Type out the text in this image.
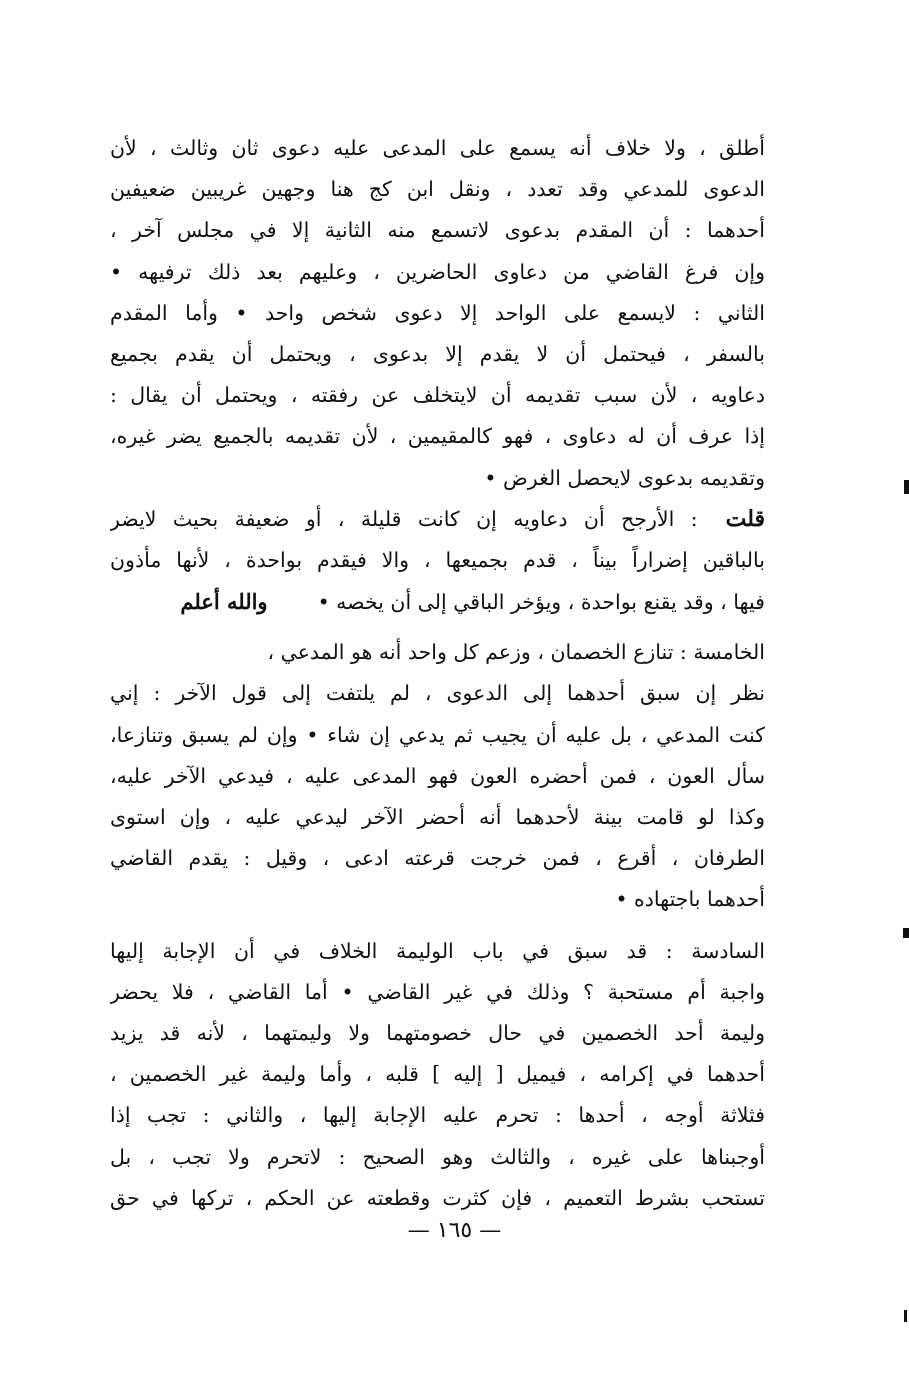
أطلق ، ولا خلاف أنه يسمع على المدعى عليه دعوى ثان وثالث ، لأن
الدعوى للمدعي وقد تعدد ، ونقل ابن كج هنا وجهين غريبين ضعيفين
أحدهما : أن المقدم بدعوى لاتسمع منه الثانية إلا في مجلس آخر ،
وإن فرغ القاضي من دعاوى الحاضرين ، وعليهم بعد ذلك ترفيهه •
الثاني : لايسمع على الواحد إلا دعوى شخص واحد • وأما المقدم
بالسفر ، فيحتمل أن لا يقدم إلا بدعوى ، ويحتمل أن يقدم بجميع
دعاويه ، لأن سبب تقديمه أن لايتخلف عن رفقته ، ويحتمل أن يقال :
إذا عرف أن له دعاوى ، فهو كالمقيمين ، لأن تقديمه بالجميع يضر غيره،
وتقديمه بدعوى لايحصل الغرض •
قلت: الأرجح أن دعاويه إن كانت قليلة ، أو ضعيفة بحيث لايضر
بالباقين إضراراً بيناً ، قدم بجميعها ، والا فيقدم بواحدة ، لأنها مأذون
فيها ، وقد يقنع بواحدة ، ويؤخر الباقي إلى أن يخصه •والله أعلم
الخامسة : تنازع الخصمان ، وزعم كل واحد أنه هو المدعي ،
نظر إن سبق أحدهما إلى الدعوى ، لم يلتفت إلى قول الآخر : إني
كنت المدعي ، بل عليه أن يجيب ثم يدعي إن شاء • وإن لم يسبق وتنازعا،
سأل العون ، فمن أحضره العون فهو المدعى عليه ، فيدعي الآخر عليه،
وكذا لو قامت بينة لأحدهما أنه أحضر الآخر ليدعي عليه ، وإن استوى
الطرفان ، أقرع ، فمن خرجت قرعته ادعى ، وقيل : يقدم القاضي
أحدهما باجتهاده •
السادسة : قد سبق في باب الوليمة الخلاف في أن الإجابة إليها
واجبة أم مستحبة ؟ وذلك في غير القاضي • أما القاضي ، فلا يحضر
وليمة أحد الخصمين في حال خصومتهما ولا وليمتهما ، لأنه قد يزيد
أحدهما في إكرامه ، فيميل [ إليه ] قلبه ، وأما وليمة غير الخصمين ،
فثلاثة أوجه ، أحدها : تحرم عليه الإجابة إليها ، والثاني : تجب إذا
أوجبناها على غيره ، والثالث وهو الصحيح : لاتحرم ولا تجب ، بل
تستحب بشرط التعميم ، فإن كثرت وقطعته عن الحكم ، تركها في حق
— ١٦٥ —
